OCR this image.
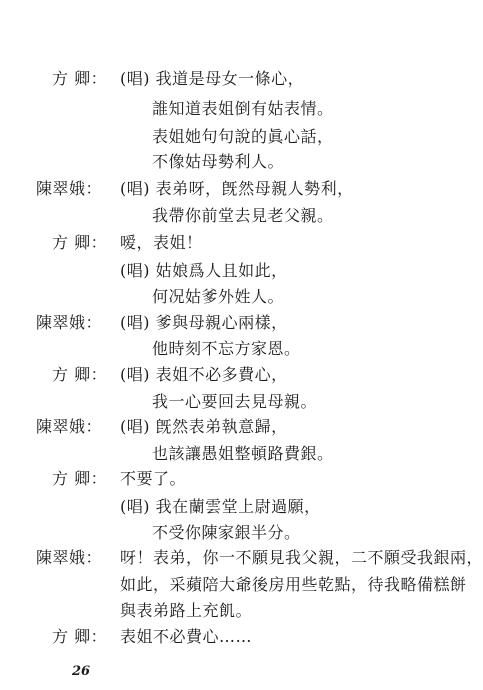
方 卿： (唱) 我道是母女一條心，
誰知道表姐倒有姑表情。
表姐她句句說的眞心話，
不像姑母勢利人。
陳翠娥： (唱) 表弟呀，旣然母親人勢利，
我帶你前堂去見老父親。
方 卿： 嗳，表姐！
(唱) 姑娘爲人且如此，
何况姑爹外姓人。
陳翠娥： (唱) 爹與母親心兩樣，
他時刻不忘方家恩。
方 卿： (唱) 表姐不必多費心，
我一心要回去見母親。
陳翠娥： (唱) 旣然表弟執意歸，
也該讓愚姐整頓路費銀。
方 卿： 不要了。
(唱) 我在蘭雲堂上尉過願，
不受你陳家銀半分。
陳翠娥： 呀！表弟，你一不願見我父親，二不願受我銀兩，
如此，采蘋陪大爺後房用些乾點，待我略備糕餅
與表弟路上充飢。
方 卿： 表姐不必費心……
26
